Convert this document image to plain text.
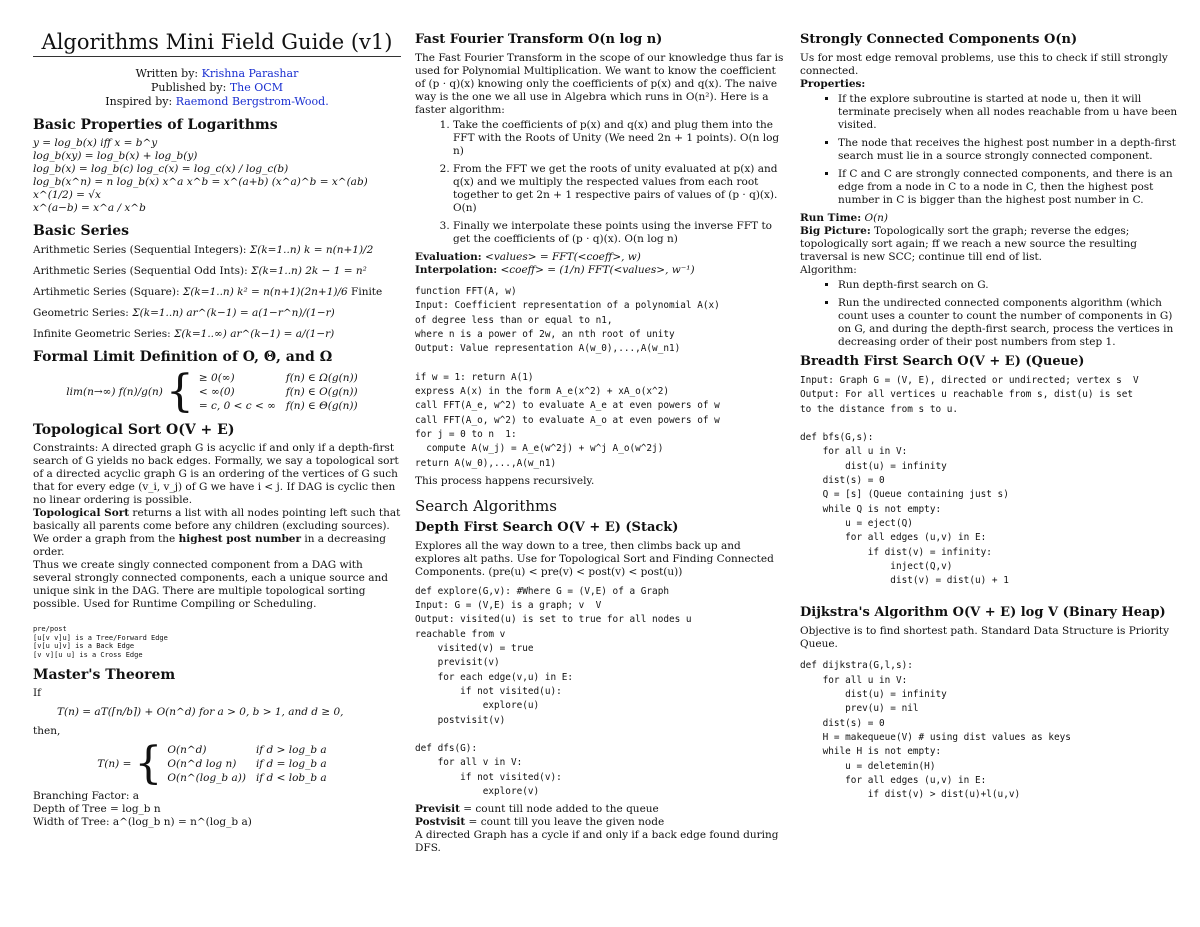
Algorithms Mini Field Guide (v1)
Written by: Krishna Parashar
Published by: The OCM
Inspired by: Raemond Bergstrom-Wood.
Basic Properties of Logarithms
y = log_b(x) iff x = b^y
log_b(xy) = log_b(x) + log_b(y)
log_b(x) = log_b(c) log_c(x) = log_c(x) / log_c(b)
log_b(x^n) = n log_b(x) x^a x^b = x^(a+b) (x^a)^b = x^(ab) x^(1/2) = √x
x^(a−b) = x^a / x^b
Basic Series
Arithmetic Series (Sequential Integers):
Σ(k=1..n) k = n(n+1)/2
Arithmetic Series (Sequential Odd Ints):
Σ(k=1..n) 2k − 1 = n²
Artihmetic Series (Square):
Σ(k=1..n) k² = n(n+1)(2n+1)/6
Finite
Geometric Series:
Σ(k=1..n) ar^(k−1) = a(1−r^n)/(1−r)
Infinite Geometric Series:
Σ(k=1..∞) ar^(k−1) = a/(1−r)
Formal Limit Definition of O, Θ, and Ω
lim(n→∞) f(n)/g(n) { ≥ 0(∞)	f(n) ∈ Ω(g(n))
< ∞(0)	f(n) ∈ O(g(n))
= c, 0 < c < ∞	f(n) ∈ Θ(g(n))
Topological Sort O(V + E)

Constraints: A directed graph G is acyclic if and only if a depth-first search of G yields no back edges. Formally, we say a topological sort of a directed acyclic graph G is an ordering of the vertices of G such that for every edge (v_i, v_j) of G we have i < j. If DAG is cyclic then no linear ordering is possible.

Topological Sort returns a list with all nodes pointing left such that basically all parents come before any children (excluding sources). We order a graph from the highest post number in a decreasing order.

Thus we create singly connected component from a DAG with several strongly connected components, each a unique source and unique sink in the DAG. There are multiple topological sorting possible. Used for Runtime Compiling or Scheduling.

pre/post
[u[v v]u] is a Tree/Forward Edge
[v[u u]v] is a Back Edge
[v v][u u] is a Cross Edge
Master's Theorem
If
T(n) = aT(⌈n/b⌉) + O(n^d) for a > 0, b > 1, and d ≥ 0,
then,
T(n) = { O(n^d)	if d > log_b a
O(n^d log n)	if d = log_b a
O(n^(log_b a))	if d < lob_b a
Branching Factor: a
Depth of Tree = log_b n
Width of Tree: a^(log_b n) = n^(log_b a)
Fast Fourier Transform O(n log n)

The Fast Fourier Transform in the scope of our knowledge thus far is used for Polynomial Multiplication. We want to know the coefficient of (p · q)(x) knowing only the coefficients of p(x) and q(x). The naive way is the one we all use in Algebra which runs in O(n²). Here is a faster algorithm:

1. Take the coefficients of p(x) and q(x) and plug them into the FFT with the Roots of Unity (We need 2n + 1 points). O(n log n)
2. From the FFT we get the roots of unity evaluated at p(x) and q(x) and we multiply the respected values from each root together to get 2n + 1 respective pairs of values of (p · q)(x). O(n)
3. Finally we interpolate these points using the inverse FFT to get the coefficients of (p · q)(x). O(n log n)
Evaluation: <values> = FFT(<coeff>, w)
Interpolation: <coeff> = (1/n) FFT(<values>, w⁻¹)
function FFT(A, w)
Input: Coefficient representation of a polynomial A(x)
of degree less than or equal to n1,
where n is a power of 2w, an nth root of unity
Output: Value representation A(w_0),...,A(w_n1)

if w = 1: return A(1)
express A(x) in the form A_e(x^2) + xA_o(x^2)
call FFT(A_e, w^2) to evaluate A_e at even powers of w
call FFT(A_o, w^2) to evaluate A_o at even powers of w
for j = 0 to n  1:
compute A(w_j) = A_e(w^2j) + w^j A_o(w^2j)
return A(w_0),...,A(w_n1)
This process happens recursively.
Search Algorithms
Depth First Search O(V + E) (Stack)

Explores all the way down to a tree, then climbs back up and explores alt paths. Use for Topological Sort and Finding Connected Components. (pre(u) < pre(v) < post(v) < post(u))

def explore(G,v): #Where G = (V,E) of a Graph
Input: G = (V,E) is a graph; v  V
Output: visited(u) is set to true for all nodes u
reachable from v
visited(v) = true
previsit(v)
for each edge(v,u) in E:
if not visited(u):
explore(u)
postvisit(v)

def dfs(G):
for all v in V:
if not visited(v):
explore(v)
Previsit = count till node added to the queue
Postvisit = count till you leave the given node
A directed Graph has a cycle if and only if a back edge found during DFS.
Strongly Connected Components O(n)

Us for most edge removal problems, use this to check if still strongly connected.

Properties:
▪ If the explore subroutine is started at node u, then it will terminate precisely when all nodes reachable from u have been visited.
▪ The node that receives the highest post number in a depth-first search must lie in a source strongly connected component.
▪ If C and C are strongly connected components, and there is an edge from a node in C to a node in C, then the highest post number in C is bigger than the highest post number in C.
Run Time: O(n)
Big Picture: Topologically sort the graph; reverse the edges; topologically sort again; ff we reach a new source the resulting traversal is new SCC; continue till end of list.
Algorithm:
▪ Run depth-first search on G.
▪ Run the undirected connected components algorithm (which count uses a counter to count the number of components in G) on G, and during the depth-first search, process the vertices in decreasing order of their post numbers from step 1.
Breadth First Search O(V + E) (Queue)
Input: Graph G = (V, E), directed or undirected; vertex s  V
Output: For all vertices u reachable from s, dist(u) is set
to the distance from s to u.

def bfs(G,s):
for all u in V:
dist(u) = infinity
dist(s) = 0
Q = [s] (Queue containing just s)
while Q is not empty:
u = eject(Q)
for all edges (u,v) in E:
if dist(v) = infinity:
inject(Q,v)
dist(v) = dist(u) + 1
Dijkstra's Algorithm O(V + E) log V (Binary Heap)

Objective is to find shortest path. Standard Data Structure is Priority Queue.

def dijkstra(G,l,s):
for all u in V:
dist(u) = infinity
prev(u) = nil
dist(s) = 0
H = makequeue(V) # using dist values as keys
while H is not empty:
u = deletemin(H)
for all edges (u,v) in E:
if dist(v) > dist(u)+l(u,v)
